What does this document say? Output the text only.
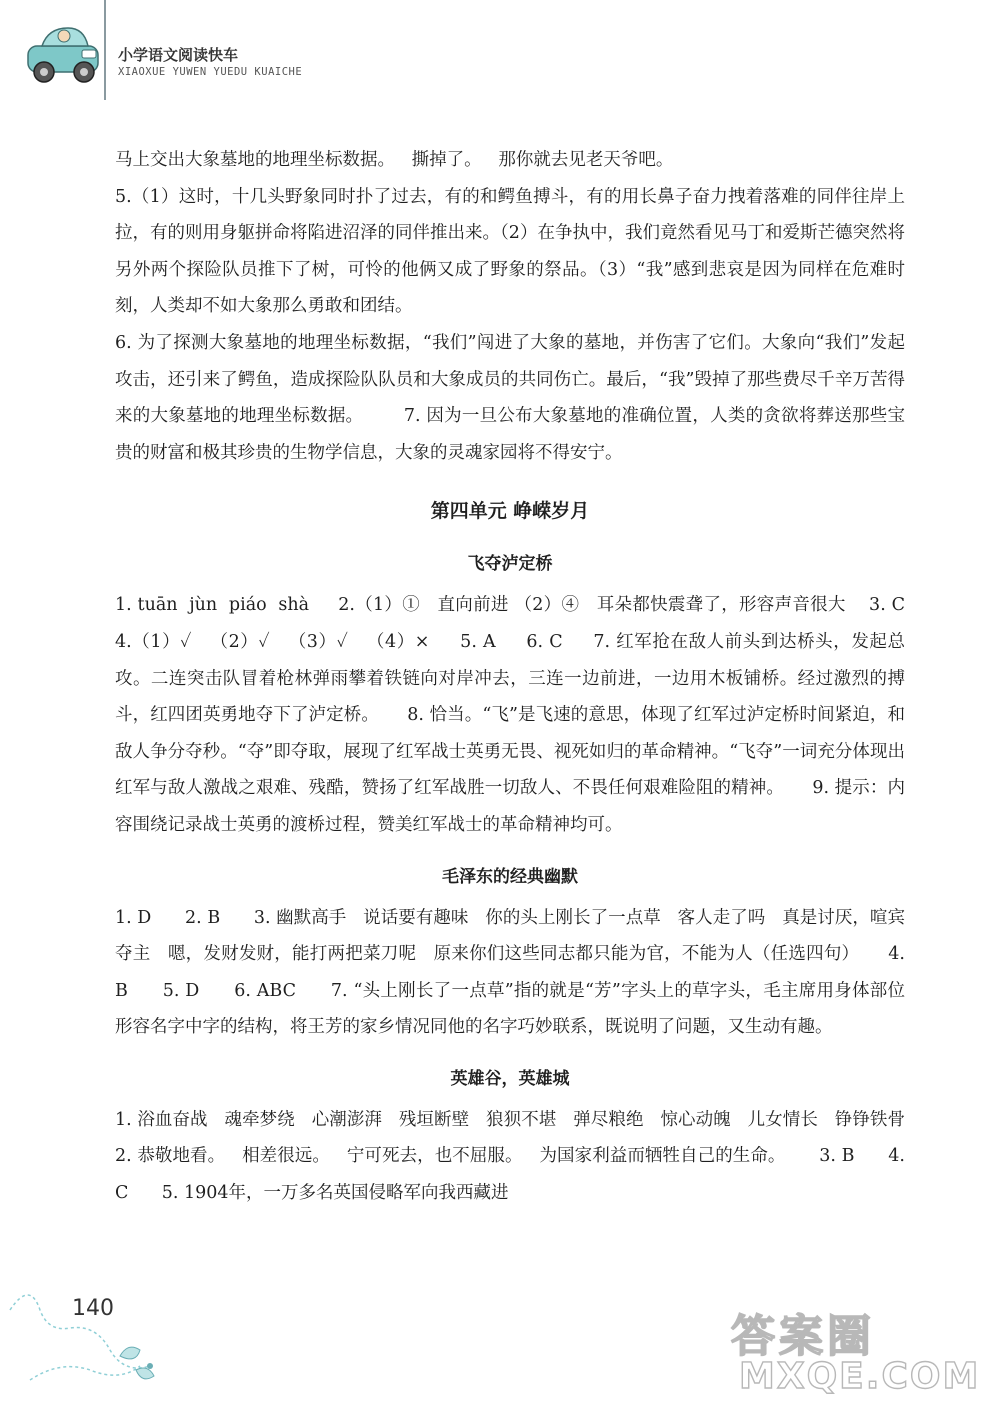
小学语文阅读快车
XIAOXUE YUWEN YUEDU KUAICHE

马上交出大象墓地的地理坐标数据。   撕掉了。   那你就去见老天爷吧。

5.（1）这时，十几头野象同时扑了过去，有的和鳄鱼搏斗，有的用长鼻子奋力拽着落难的同伴往岸上拉，有的则用身躯拼命将陷进沼泽的同伴推出来。（2）在争执中，我们竟然看见马丁和爱斯芒德突然将另外两个探险队员推下了树，可怜的他俩又成了野象的祭品。（3）“我”感到悲哀是因为同样在危难时刻，人类却不如大象那么勇敢和团结。

6. 为了探测大象墓地的地理坐标数据，“我们”闯进了大象的墓地，并伤害了它们。大象向“我们”发起攻击，还引来了鳄鱼，造成探险队队员和大象成员的共同伤亡。最后，“我”毁掉了那些费尽千辛万苦得来的大象墓地的地理坐标数据。       7. 因为一旦公布大象墓地的准确位置，人类的贪欲将葬送那些宝贵的财富和极其珍贵的生物学信息，大象的灵魂家园将不得安宁。

第四单元 峥嵘岁月
飞夺泸定桥

1. tuān  jùn  piáo  shà     2.（1）①   直向前进 （2）④   耳朵都快震聋了，形容声音很大    3. C     4.（1）✓   （2）✓   （3）✓   （4）×     5. A     6. C     7. 红军抢在敌人前头到达桥头，发起总攻。二连突击队冒着枪林弹雨攀着铁链向对岸冲去，三连一边前进，一边用木板铺桥。经过激烈的搏斗，红四团英勇地夺下了泸定桥。     8. 恰当。“飞”是飞速的意思，体现了红军过泸定桥时间紧迫，和敌人争分夺秒。“夺”即夺取，展现了红军战士英勇无畏、视死如归的革命精神。“飞夺”一词充分体现出红军与敌人激战之艰难、残酷，赞扬了红军战胜一切敌人、不畏任何艰难险阻的精神。     9. 提示：内容围绕记录战士英勇的渡桥过程，赞美红军战士的革命精神均可。

毛泽东的经典幽默

1. D      2. B      3. 幽默高手   说话要有趣味   你的头上刚长了一点草   客人走了吗   真是讨厌，喧宾夺主   嗯，发财发财，能打两把菜刀呢   原来你们这些同志都只能为官，不能为人（任选四句）     4. B      5. D      6. ABC      7. “头上刚长了一点草”指的就是“芳”字头上的草字头，毛主席用身体部位形容名字中字的结构，将王芳的家乡情况同他的名字巧妙联系，既说明了问题，又生动有趣。

英雄谷，英雄城

1. 浴血奋战   魂牵梦绕   心潮澎湃   残垣断壁   狼狈不堪   弹尽粮绝   惊心动魄   儿女情长   铮铮铁骨     2. 恭敬地看。   相差很远。   宁可死去，也不屈服。   为国家利益而牺牲自己的生命。      3. B      4. C      5. 1904年，一万多名英国侵略军向我西藏进

140
答案圈
MXQE.COM
